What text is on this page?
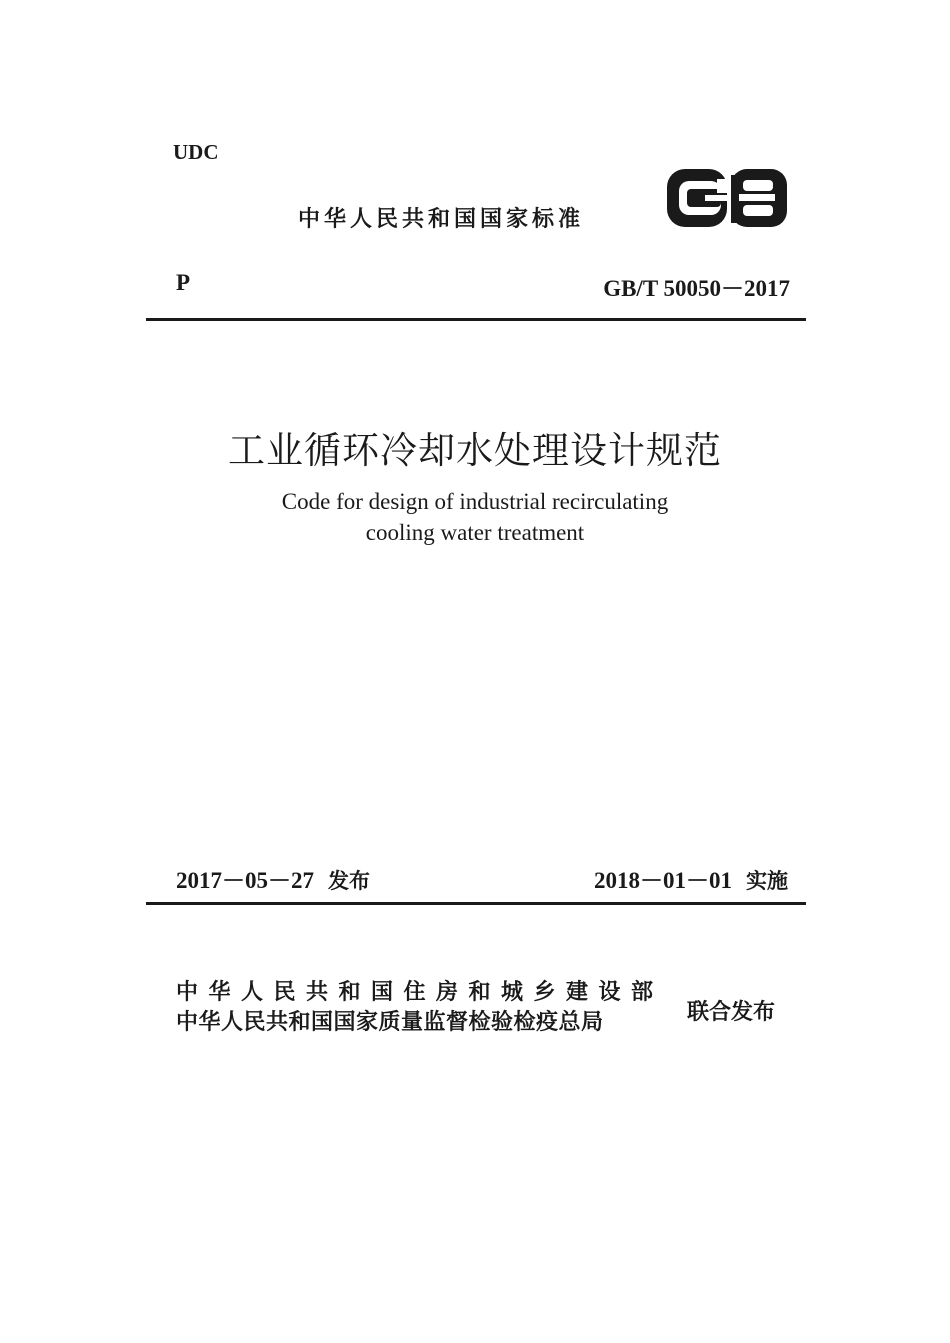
UDC
中华人民共和国国家标准
P	GB/T 50050－2017
工业循环冷却水处理设计规范
Code for design of industrial recirculating
cooling water treatment
2017－05－27 发布	2018－01－01 实施
中华人民共和国住房和城乡建设部
中华人民共和国国家质量监督检验检疫总局	联合发布
